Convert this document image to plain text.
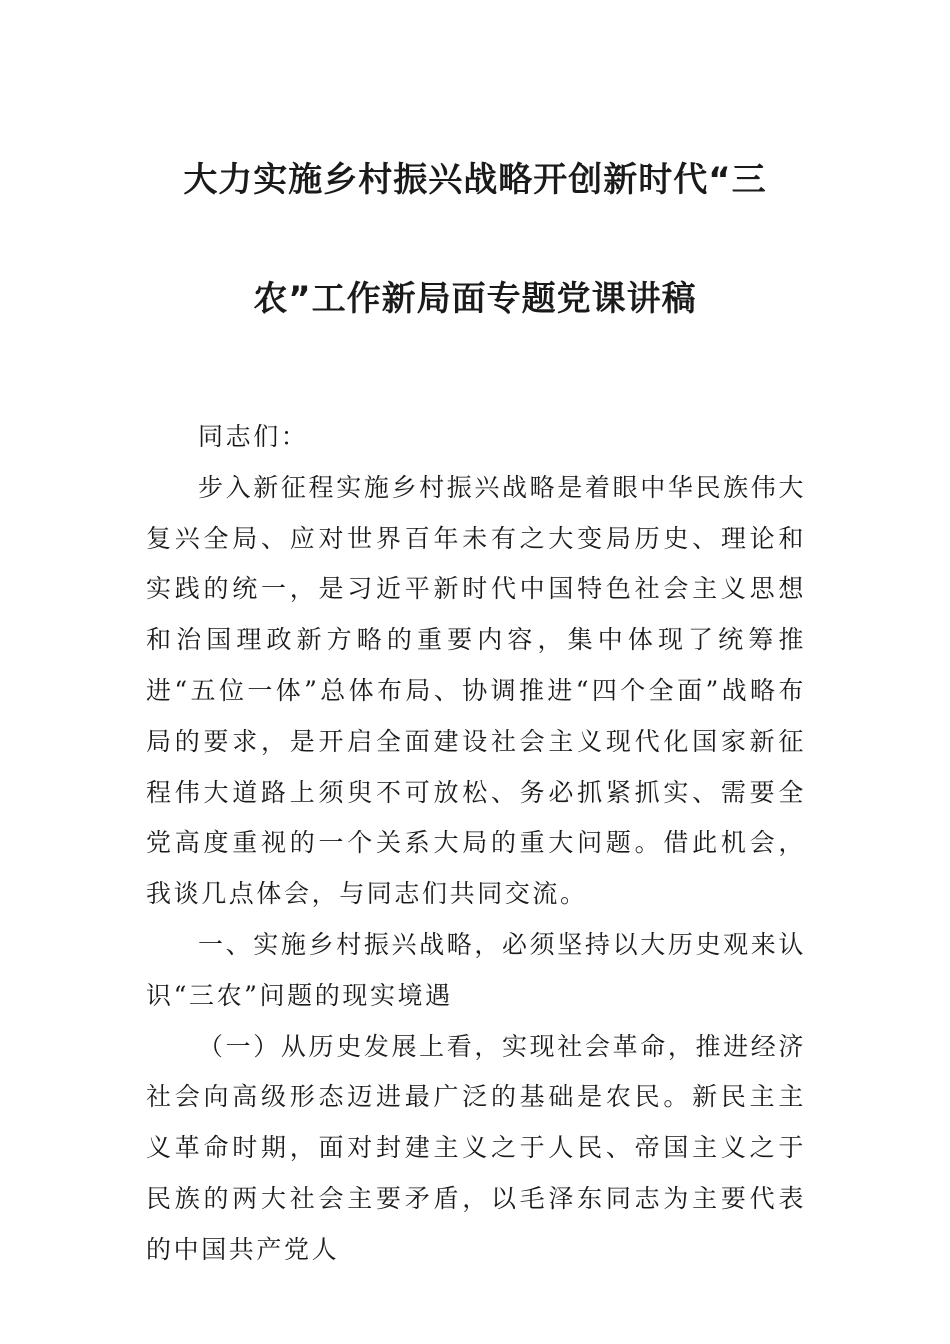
大力实施乡村振兴战略开创新时代“三
农”工作新局面专题党课讲稿

同志们：

步入新征程实施乡村振兴战略是着眼中华民族伟大复兴全局、应对世界百年未有之大变局历史、理论和实践的统一，是习近平新时代中国特色社会主义思想和治国理政新方略的重要内容，集中体现了统筹推进“五位一体”总体布局、协调推进“四个全面”战略布局的要求，是开启全面建设社会主义现代化国家新征程伟大道路上须臾不可放松、务必抓紧抓实、需要全党高度重视的一个关系大局的重大问题。借此机会，我谈几点体会，与同志们共同交流。

一、实施乡村振兴战略，必须坚持以大历史观来认识“三农”问题的现实境遇

（一）从历史发展上看，实现社会革命，推进经济社会向高级形态迈进最广泛的基础是农民。新民主主义革命时期，面对封建主义之于人民、帝国主义之于民族的两大社会主要矛盾，以毛泽东同志为主要代表的中国共产党人
